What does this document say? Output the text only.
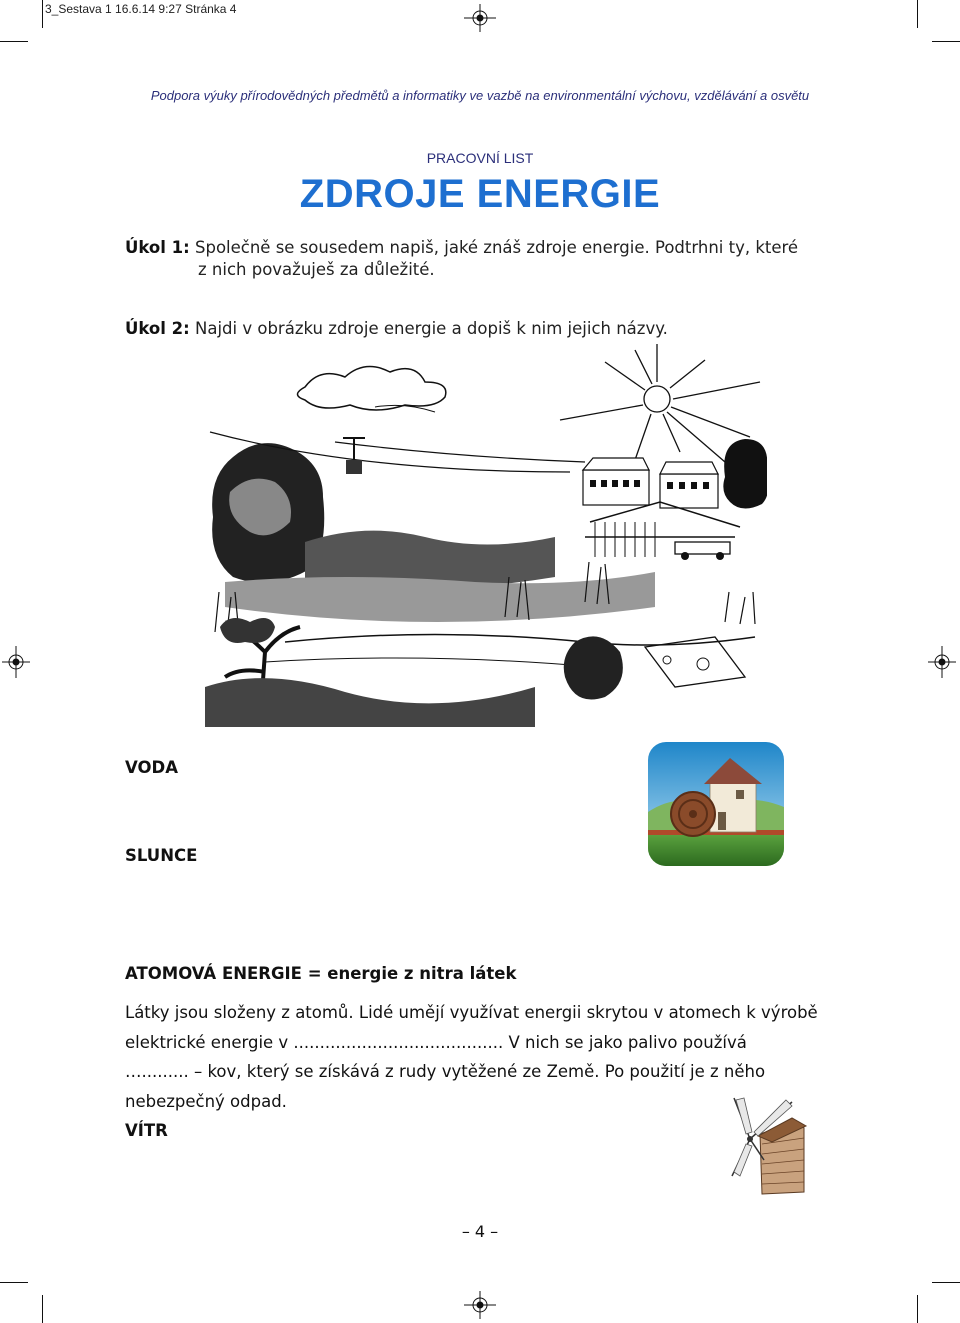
3_Sestava 1 16.6.14 9:27 Stránka 4
Podpora výuky přírodovědných předmětů a informatiky ve vazbě na environmentální výchovu, vzdělávání a osvětu
PRACOVNÍ LIST
ZDROJE ENERGIE
Úkol 1: Společně se sousedem napiš, jaké znáš zdroje energie. Podtrhni ty, které
z nich považuješ za důležité.
Úkol 2: Najdi v obrázku zdroje energie a dopiš k nim jejich názvy.
VODA
SLUNCE
ATOMOVÁ ENERGIE = energie z nitra látek
Látky jsou složeny z atomů. Lidé umějí využívat energii skrytou v atomech k výrobě
elektrické energie v ........................................ V nich se jako palivo používá
…......... – kov, který se získává z rudy vytěžené ze Země. Po použití je z něho
nebezpečný odpad.
VÍTR
– 4 –
